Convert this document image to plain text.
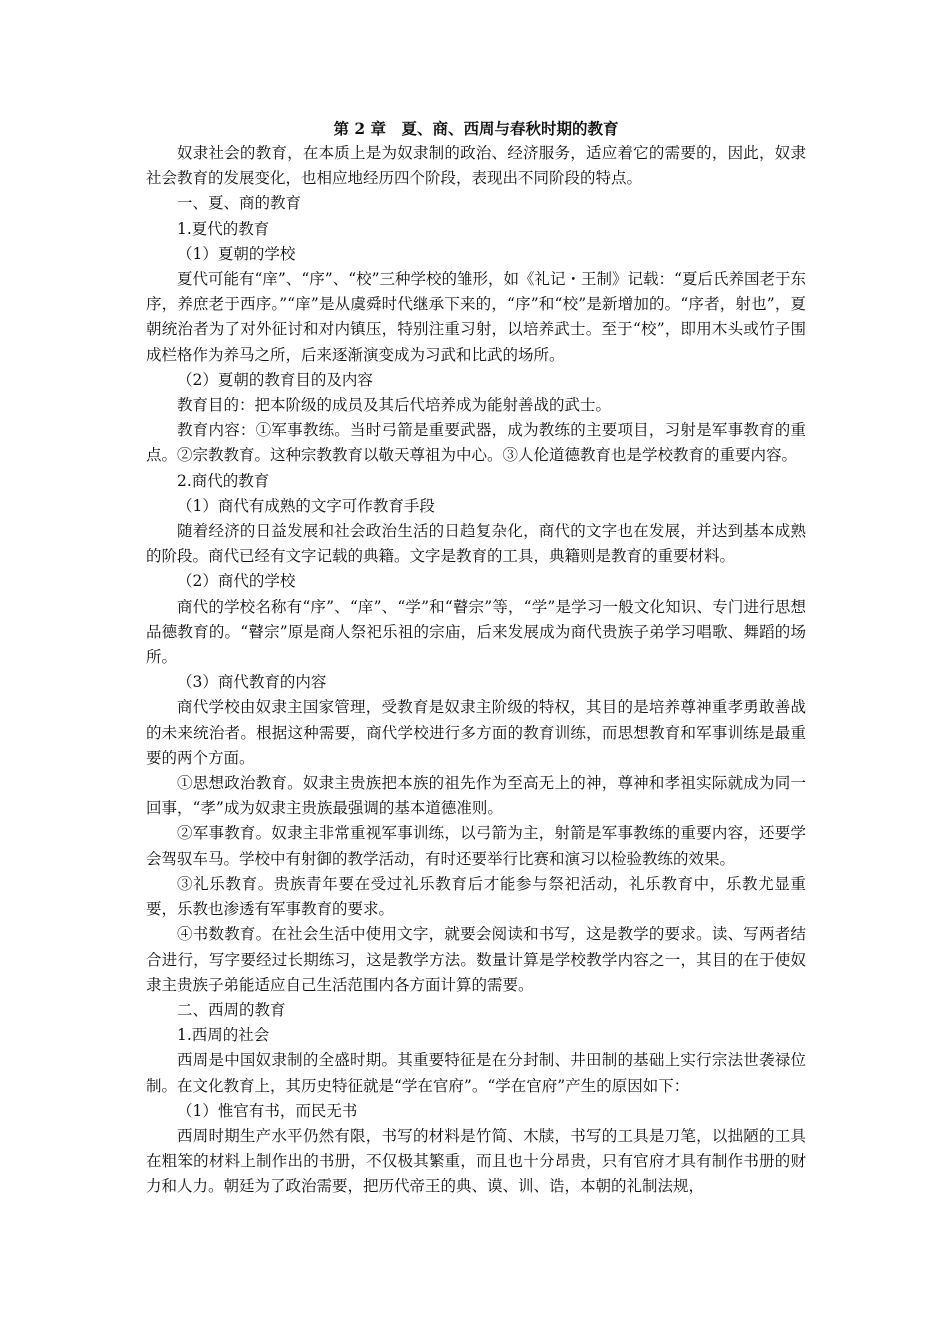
第 2 章　夏、商、西周与春秋时期的教育

奴隶社会的教育，在本质上是为奴隶制的政治、经济服务，适应着它的需要的，因此，奴隶社会教育的发展变化，也相应地经历四个阶段，表现出不同阶段的特点。

一、夏、商的教育
1.夏代的教育
（1）夏朝的学校

夏代可能有“庠”、“序”、“校”三种学校的雏形，如《礼记・王制》记载：“夏后氏养国老于东序，养庶老于西序。”“庠”是从虞舜时代继承下来的，“序”和“校”是新增加的。“序者，射也”，夏朝统治者为了对外征讨和对内镇压，特别注重习射，以培养武士。至于“校”，即用木头或竹子围成栏格作为养马之所，后来逐渐演变成为习武和比武的场所。

（2）夏朝的教育目的及内容

教育目的：把本阶级的成员及其后代培养成为能射善战的武士。

教育内容：①军事教练。当时弓箭是重要武器，成为教练的主要项目，习射是军事教育的重点。②宗教教育。这种宗教教育以敬天尊祖为中心。③人伦道德教育也是学校教育的重要内容。

2.商代的教育
（1）商代有成熟的文字可作教育手段

随着经济的日益发展和社会政治生活的日趋复杂化，商代的文字也在发展，并达到基本成熟的阶段。商代已经有文字记载的典籍。文字是教育的工具，典籍则是教育的重要材料。

（2）商代的学校

商代的学校名称有“序”、“庠”、“学”和“瞽宗”等，“学”是学习一般文化知识、专门进行思想品德教育的。“瞽宗”原是商人祭祀乐祖的宗庙，后来发展成为商代贵族子弟学习唱歌、舞蹈的场所。

（3）商代教育的内容

商代学校由奴隶主国家管理，受教育是奴隶主阶级的特权，其目的是培养尊神重孝勇敢善战的未来统治者。根据这种需要，商代学校进行多方面的教育训练，而思想教育和军事训练是最重要的两个方面。

①思想政治教育。奴隶主贵族把本族的祖先作为至高无上的神，尊神和孝祖实际就成为同一回事，“孝”成为奴隶主贵族最强调的基本道德准则。

②军事教育。奴隶主非常重视军事训练，以弓箭为主，射箭是军事教练的重要内容，还要学会驾驭车马。学校中有射御的教学活动，有时还要举行比赛和演习以检验教练的效果。

③礼乐教育。贵族青年要在受过礼乐教育后才能参与祭祀活动，礼乐教育中，乐教尤显重要，乐教也渗透有军事教育的要求。

④书数教育。在社会生活中使用文字，就要会阅读和书写，这是教学的要求。读、写两者结合进行，写字要经过长期练习，这是教学方法。数量计算是学校教学内容之一，其目的在于使奴隶主贵族子弟能适应自己生活范围内各方面计算的需要。

二、西周的教育
1.西周的社会

西周是中国奴隶制的全盛时期。其重要特征是在分封制、井田制的基础上实行宗法世袭禄位制。在文化教育上，其历史特征就是“学在官府”。“学在官府”产生的原因如下：

（1）惟官有书，而民无书

西周时期生产水平仍然有限，书写的材料是竹简、木牍，书写的工具是刀笔，以拙陋的工具在粗笨的材料上制作出的书册，不仅极其繁重，而且也十分昂贵，只有官府才具有制作书册的财力和人力。朝廷为了政治需要，把历代帝王的典、谟、训、诰，本朝的礼制法规，
